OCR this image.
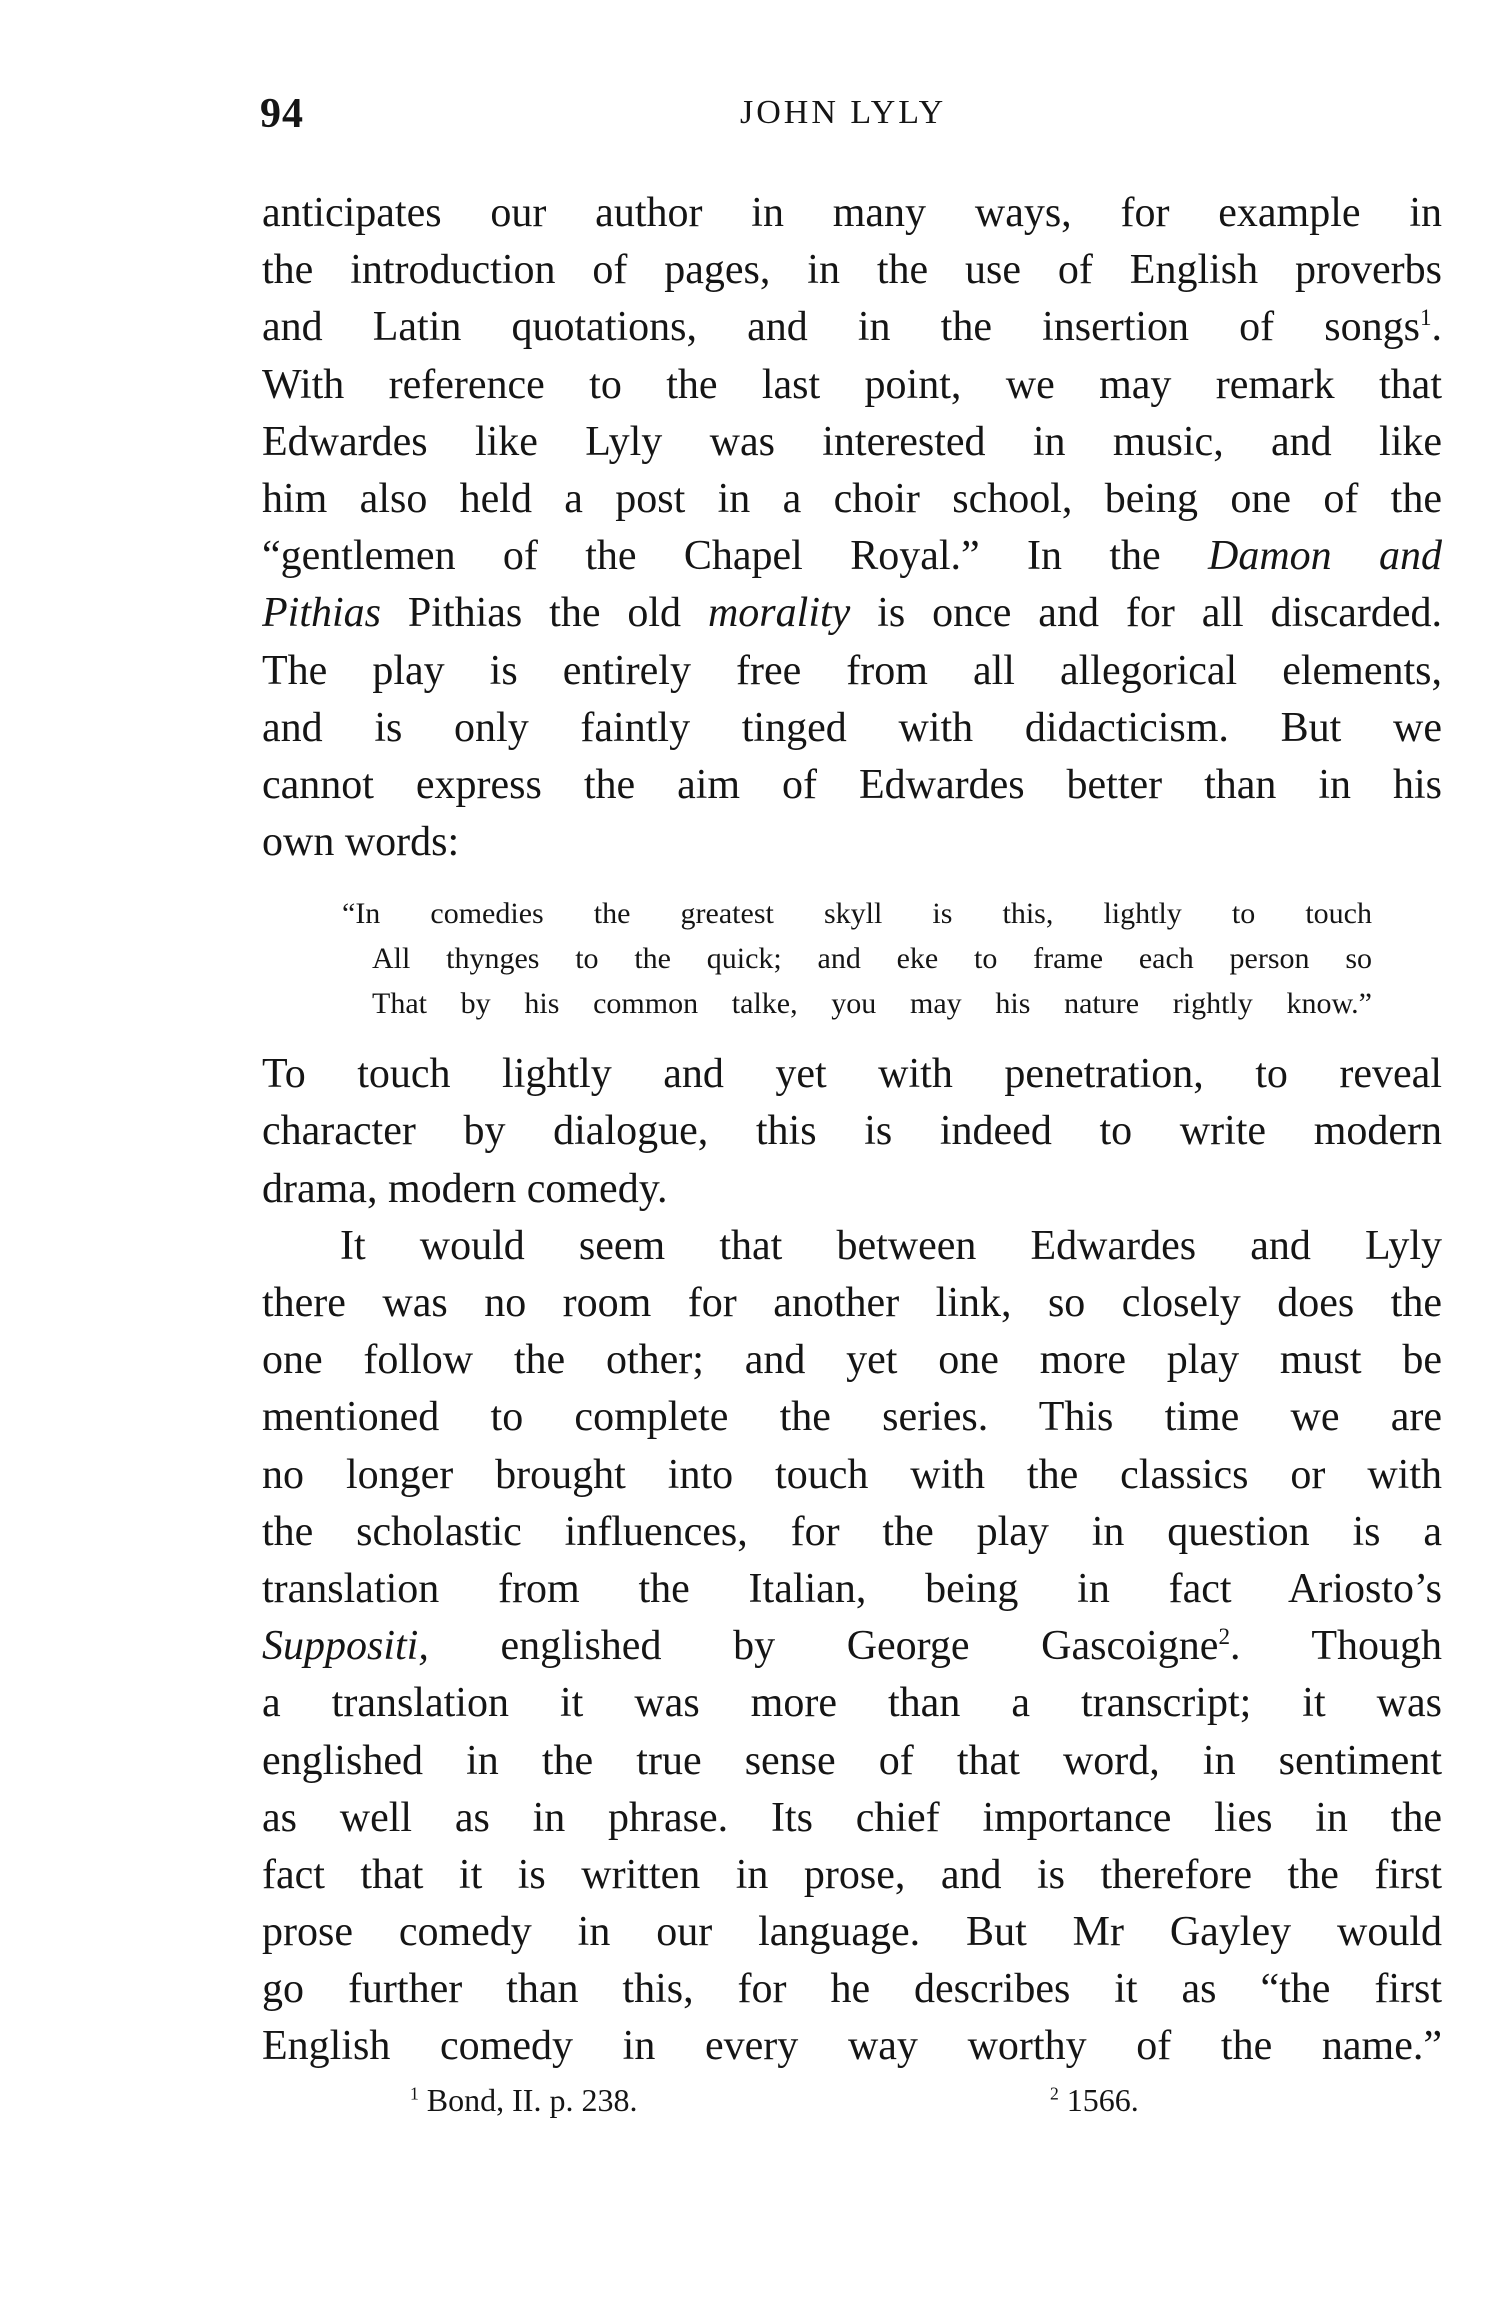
94	JOHN LYLY
anticipates our author in many ways, for example in
the introduction of pages, in the use of English proverbs
and Latin quotations, and in the insertion of songs$^1$.
With reference to the last point, we may remark that
Edwardes like Lyly was interested in music, and like
him also held a post in a choir school, being one of the
“gentlemen of the Chapel Royal.” In the Damon and
Pithias Pithias the old morality is once and for all discarded.
The play is entirely free from all allegorical elements,
and is only faintly tinged with didacticism. But we
cannot express the aim of Edwardes better than in his
own words:
“In comedies the greatest skyll is this, lightly to touch
All thynges to the quick; and eke to frame each person so
That by his common talke, you may his nature rightly know.”
To touch lightly and yet with penetration, to reveal
character by dialogue, this is indeed to write modern
drama, modern comedy.
It would seem that between Edwardes and Lyly
there was no room for another link, so closely does the
one follow the other; and yet one more play must be
mentioned to complete the series. This time we are
no longer brought into touch with the classics or with
the scholastic influences, for the play in question is a
translation from the Italian, being in fact Ariosto’s
Suppositi, englished by George Gascoigne$^2$. Though
a translation it was more than a transcript; it was
englished in the true sense of that word, in sentiment
as well as in phrase. Its chief importance lies in the
fact that it is written in prose, and is therefore the first
prose comedy in our language. But Mr Gayley would
go further than this, for he describes it as “the first
English comedy in every way worthy of the name.”
$^1$ Bond, II. p. 238.	$^2$ 1566.
